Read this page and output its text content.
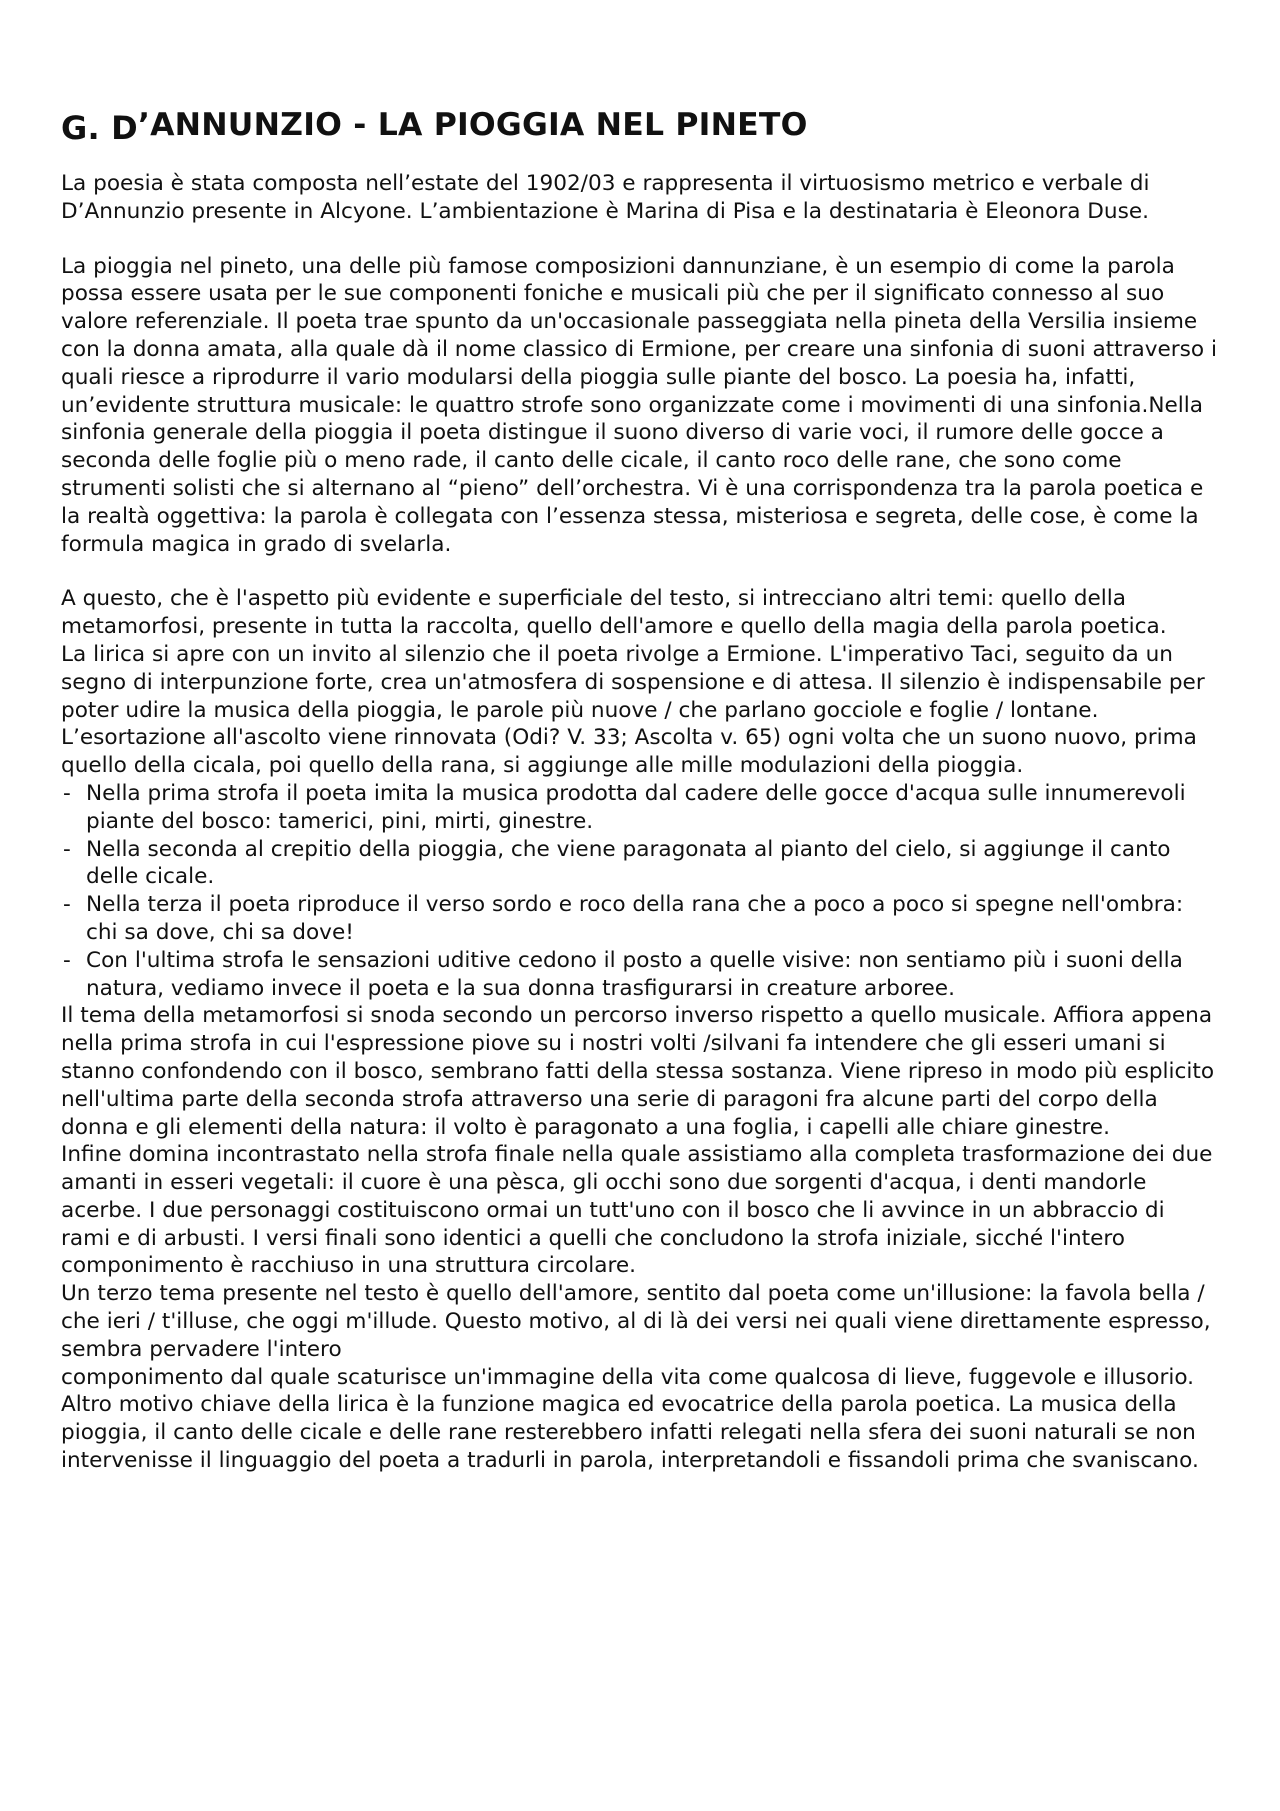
G. D’ANNUNZIO - LA PIOGGIA NEL PINETO

La poesia è stata composta nell’estate del 1902/03 e rappresenta il virtuosismo metrico e verbale di D’Annunzio presente in Alcyone. L’ambientazione è Marina di Pisa e la destinataria è Eleonora Duse.

La pioggia nel pineto, una delle più famose composizioni dannunziane, è un esempio di come la parola possa essere usata per le sue componenti foniche e musicali più che per il significato connesso al suo valore referenziale. Il poeta trae spunto da un'occasionale passeggiata nella pineta della Versilia insieme con la donna amata, alla quale dà il nome classico di Ermione, per creare una sinfonia di suoni attraverso i quali riesce a riprodurre il vario modularsi della pioggia sulle piante del bosco. La poesia ha, infatti, un’evidente struttura musicale: le quattro strofe sono organizzate come i movimenti di una sinfonia.Nella sinfonia generale della pioggia il poeta distingue il suono diverso di varie voci, il rumore delle gocce a seconda delle foglie più o meno rade, il canto delle cicale, il canto roco delle rane, che sono come strumenti solisti che si alternano al “pieno” dell’orchestra. Vi è una corrispondenza tra la parola poetica e la realtà oggettiva: la parola è collegata con l’essenza stessa, misteriosa e segreta, delle cose, è come la formula magica in grado di svelarla.

A questo, che è l'aspetto più evidente e superficiale del testo, si intrecciano altri temi: quello della metamorfosi, presente in tutta la raccolta, quello dell'amore e quello della magia della parola poetica.

La lirica si apre con un invito al silenzio che il poeta rivolge a Ermione. L'imperativo Taci, seguito da un segno di interpunzione forte, crea un'atmosfera di sospensione e di attesa. Il silenzio è indispensabile per poter udire la musica della pioggia, le parole più nuove / che parlano gocciole e foglie / lontane. L’esortazione all'ascolto viene rinnovata (Odi? V. 33; Ascolta v. 65) ogni volta che un suono nuovo, prima quello della cicala, poi quello della rana, si aggiunge alle mille modulazioni della pioggia.

- Nella prima strofa il poeta imita la musica prodotta dal cadere delle gocce d'acqua sulle innumerevoli piante del bosco: tamerici, pini, mirti, ginestre.
- Nella seconda al crepitio della pioggia, che viene paragonata al pianto del cielo, si aggiunge il canto delle cicale.
- Nella terza il poeta riproduce il verso sordo e roco della rana che a poco a poco si spegne nell'ombra: chi sa dove, chi sa dove!
- Con l'ultima strofa le sensazioni uditive cedono il posto a quelle visive: non sentiamo più i suoni della natura, vediamo invece il poeta e la sua donna trasfigurarsi in creature arboree.

Il tema della metamorfosi si snoda secondo un percorso inverso rispetto a quello musicale. Affiora appena nella prima strofa in cui l'espressione piove su i nostri volti /silvani fa intendere che gli esseri umani si stanno confondendo con il bosco, sembrano fatti della stessa sostanza. Viene ripreso in modo più esplicito nell'ultima parte della seconda strofa attraverso una serie di paragoni fra alcune parti del corpo della donna e gli elementi della natura: il volto è paragonato a una foglia, i capelli alle chiare ginestre.

Infine domina incontrastato nella strofa finale nella quale assistiamo alla completa trasformazione dei due amanti in esseri vegetali: il cuore è una pèsca, gli occhi sono due sorgenti d'acqua, i denti mandorle acerbe. I due personaggi costituiscono ormai un tutt'uno con il bosco che li avvince in un abbraccio di rami e di arbusti. I versi finali sono identici a quelli che concludono la strofa iniziale, sicché l'intero componimento è racchiuso in una struttura circolare.

Un terzo tema presente nel testo è quello dell'amore, sentito dal poeta come un'illusione: la favola bella / che ieri / t'illuse, che oggi m'illude. Questo motivo, al di là dei versi nei quali viene direttamente espresso, sembra pervadere l'intero

componimento dal quale scaturisce un'immagine della vita come qualcosa di lieve, fuggevole e illusorio.

Altro motivo chiave della lirica è la funzione magica ed evocatrice della parola poetica. La musica della pioggia, il canto delle cicale e delle rane resterebbero infatti relegati nella sfera dei suoni naturali se non intervenisse il linguaggio del poeta a tradurli in parola, interpretandoli e fissandoli prima che svaniscano.
